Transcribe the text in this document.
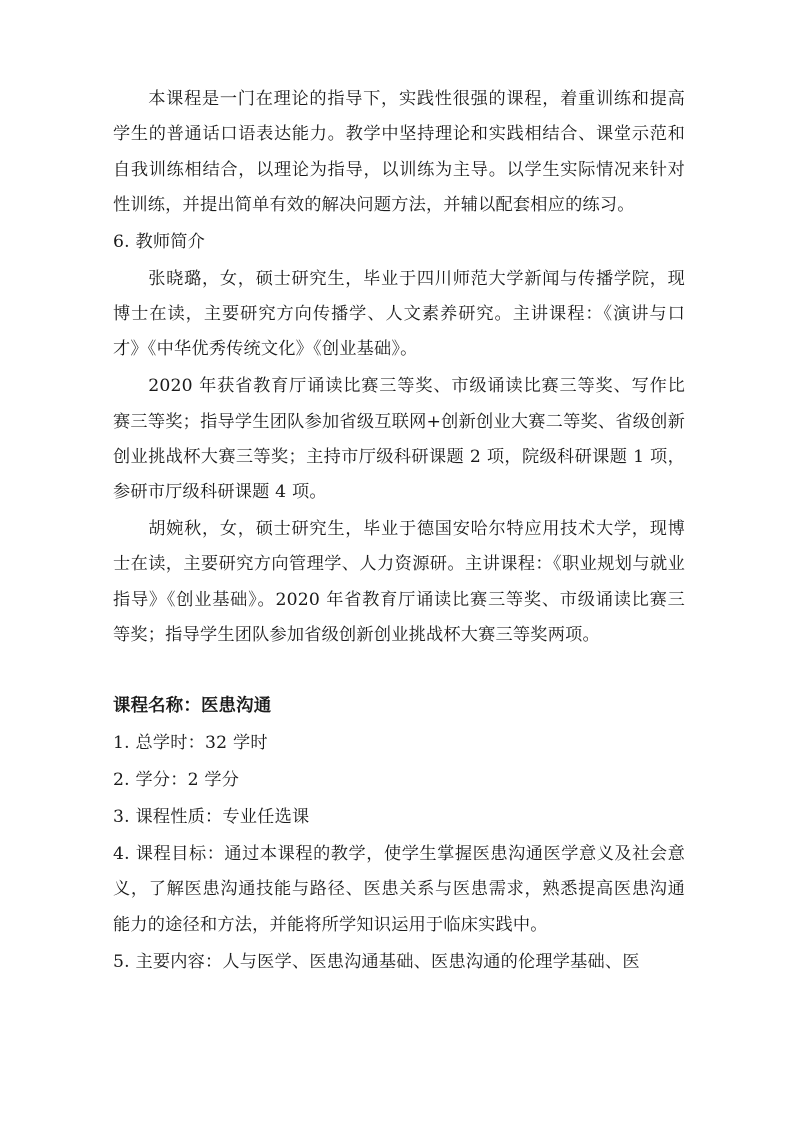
本课程是一门在理论的指导下，实践性很强的课程，着重训练和提高学生的普通话口语表达能力。教学中坚持理论和实践相结合、课堂示范和自我训练相结合，以理论为指导，以训练为主导。以学生实际情况来针对性训练，并提出简单有效的解决问题方法，并辅以配套相应的练习。

6. 教师简介

张晓璐，女，硕士研究生，毕业于四川师范大学新闻与传播学院，现博士在读，主要研究方向传播学、人文素养研究。主讲课程：《演讲与口才》《中华优秀传统文化》《创业基础》。

2020 年获省教育厅诵读比赛三等奖、市级诵读比赛三等奖、写作比赛三等奖；指导学生团队参加省级互联网+创新创业大赛二等奖、省级创新创业挑战杯大赛三等奖；主持市厅级科研课题 2 项，院级科研课题 1 项，参研市厅级科研课题 4 项。

胡婉秋，女，硕士研究生，毕业于德国安哈尔特应用技术大学，现博士在读，主要研究方向管理学、人力资源研。主讲课程：《职业规划与就业指导》《创业基础》。2020 年省教育厅诵读比赛三等奖、市级诵读比赛三等奖；指导学生团队参加省级创新创业挑战杯大赛三等奖两项。

课程名称：医患沟通

1. 总学时：32 学时

2. 学分：2 学分

3. 课程性质：专业任选课

4. 课程目标：通过本课程的教学，使学生掌握医患沟通医学意义及社会意义，了解医患沟通技能与路径、医患关系与医患需求，熟悉提高医患沟通能力的途径和方法，并能将所学知识运用于临床实践中。

5. 主要内容：人与医学、医患沟通基础、医患沟通的伦理学基础、医
